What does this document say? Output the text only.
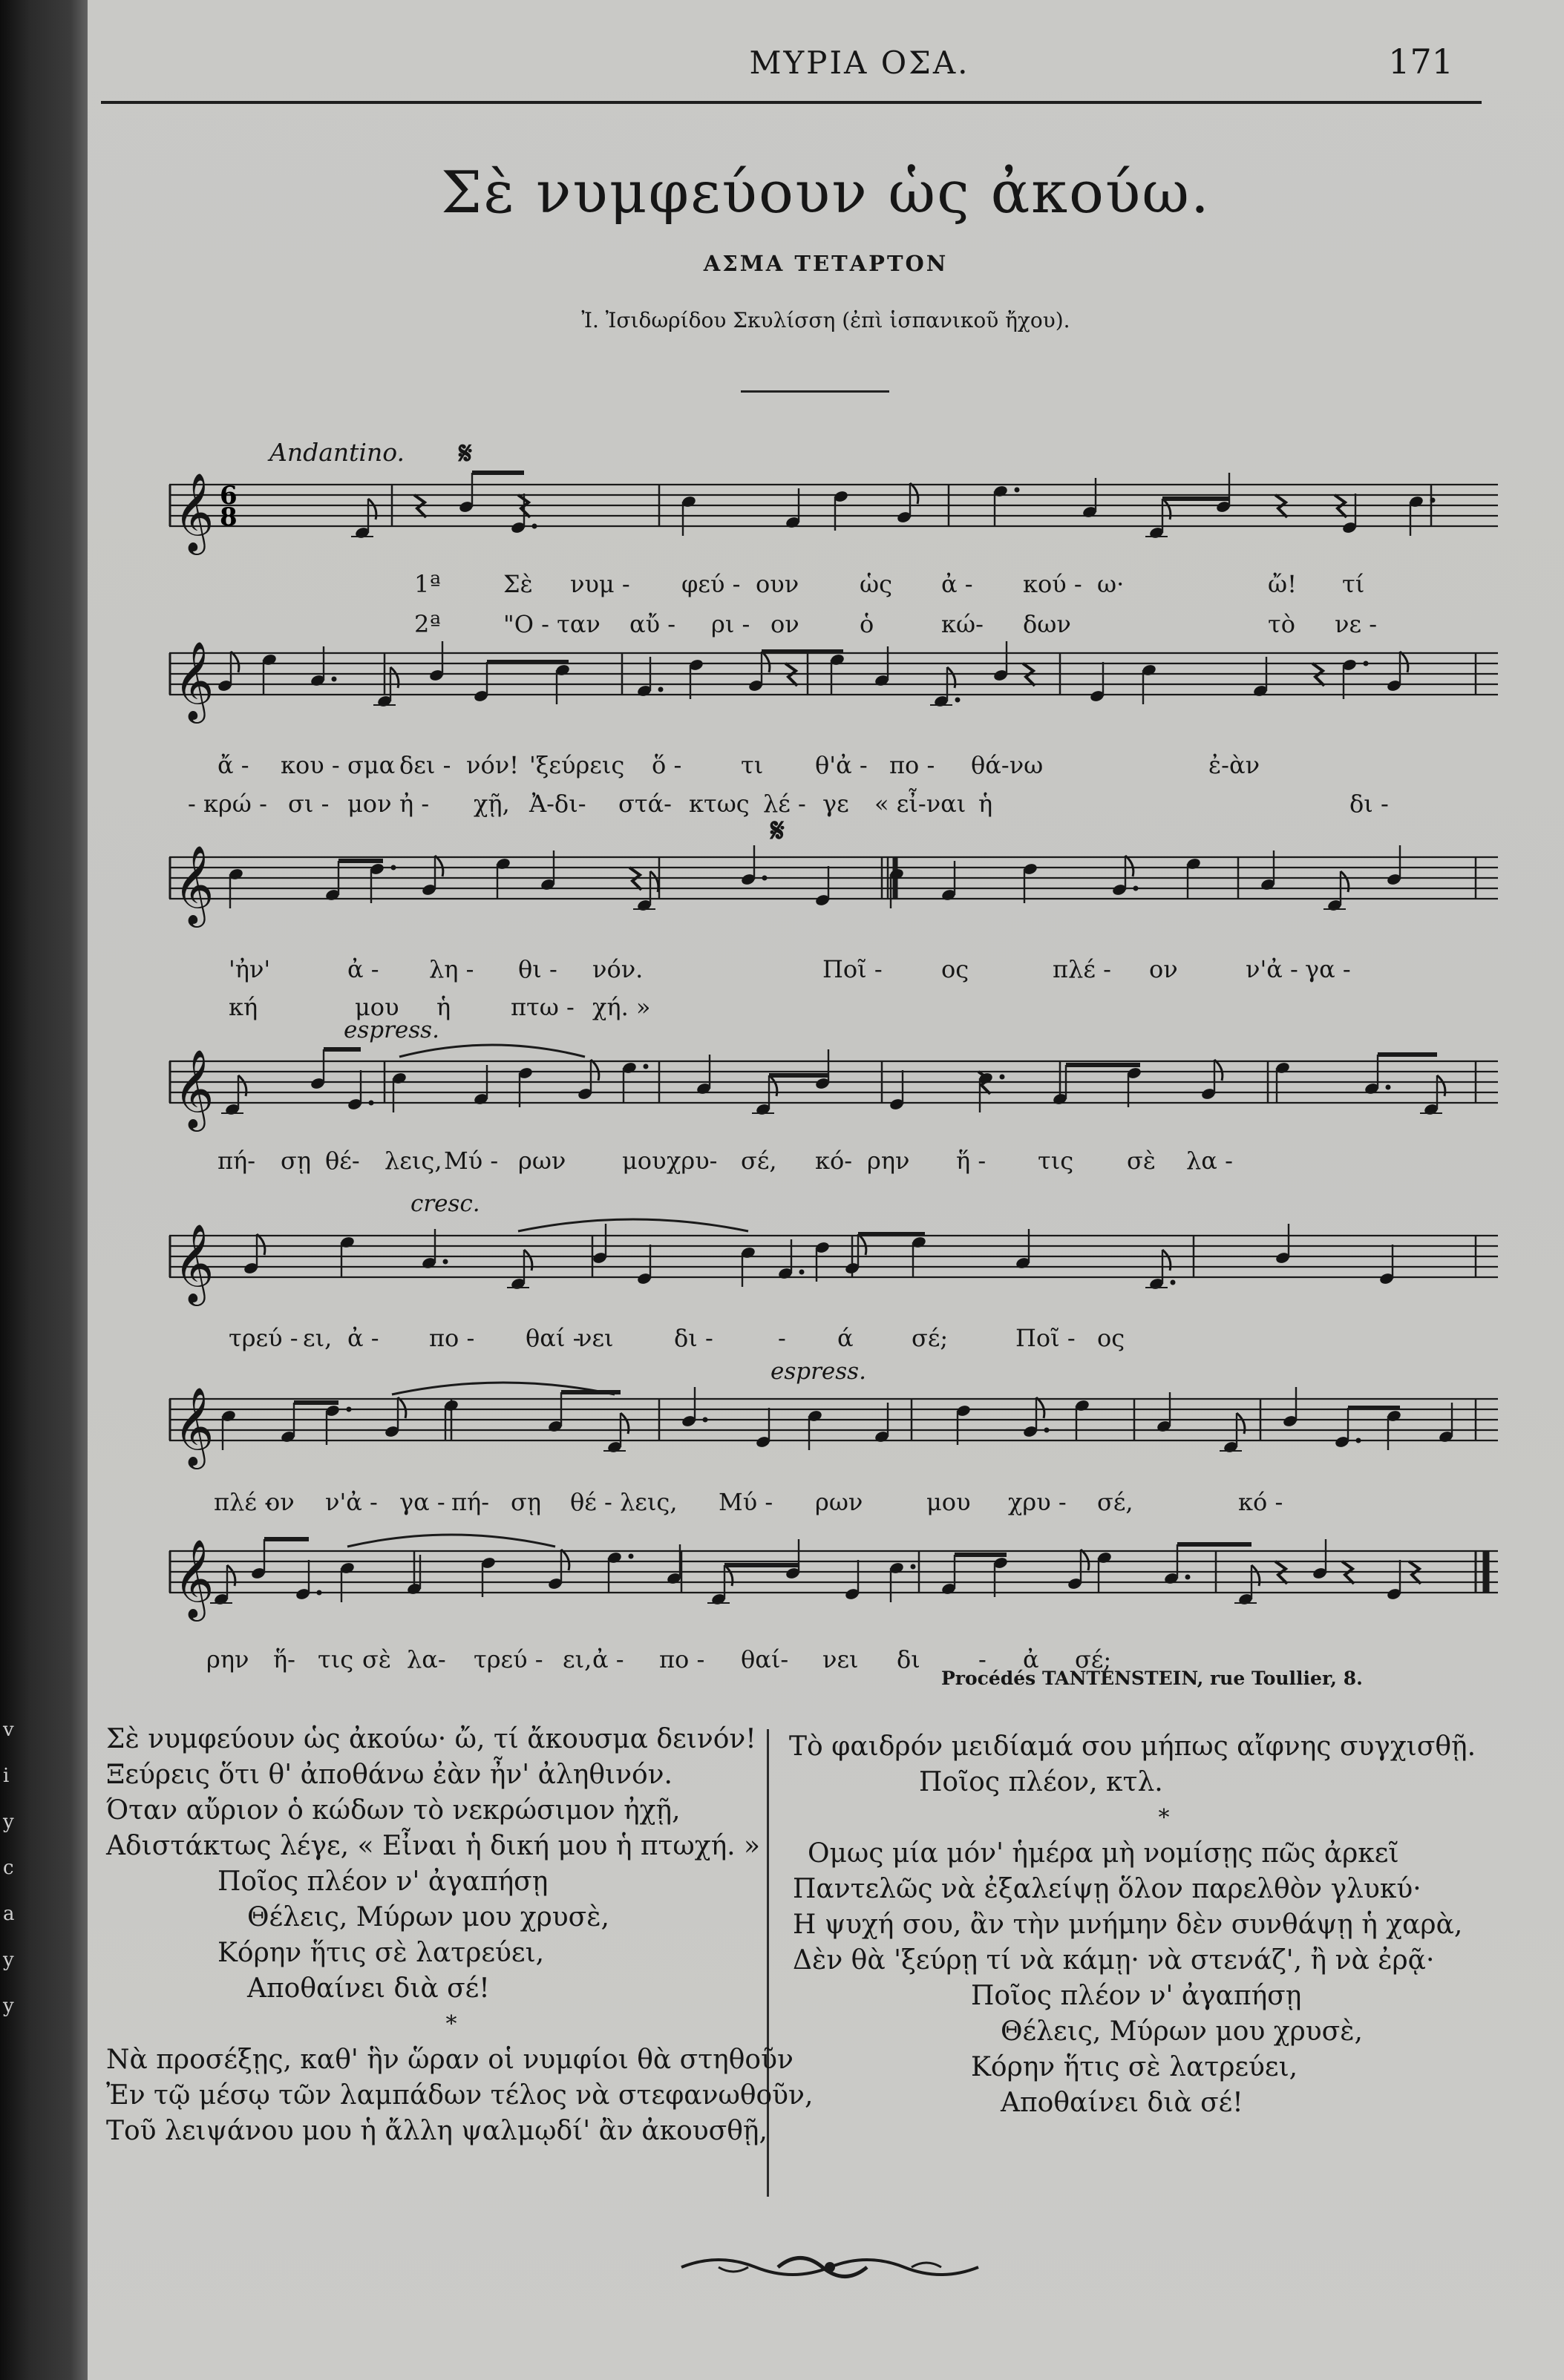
v
i
y
c
a
y
y
ΜΥΡΙΑ ΟΣΑ.	171
Σὲ νυμφεύουν ὡς ἀκούω.
ΑΣΜΑ ΤΕΤΑΡΤΟΝ
Ἰ. Ἰσιδωρίδου Σκυλίσση (ἐπὶ ἱσπανικοῦ ἤχου).
Andantino. 𝄋
𝄋
espress.
cresc.
espress.
1ª
2ª
𝄞 6
8
𝄞
𝄞
𝄞
𝄞
𝄞
𝄞
Σὲ νυμ - φεύ - ουν	ὡς ἀ - κού - ω·	ὤ! τί
"Ο - ταν αὔ - ρι - ον	ὁ	κώ- δων	τὸ νε -
ἄ - κου - σμα δει - νόν! 'ξεύρεις ὅ - τι θ'ἀ - πο - θά-νω	ἐ-ὰν
- κρώ - σι - μον ἠ - χῇ, Ἀ-δι- στά- κτως λέ - γε « εἶ-ναι ἡ	δι -
'ἠν'	ἀ - λη - θι - νόν.	Ποῖ - ος	πλέ - ον	ν'ἀ - γα -
κή	μου ἡ	πτω - χή. »
πή- σῃ θέ- λεις, Μύ - ρων μου χρυ- σέ, κό- ρην ἥ - τις σὲ λα -
τρεύ - ει, ἀ - πο - θαί -
νει	δι -	- ά σέ;	Ποῖ - ος
πλέ -
ον ν'ἀ - γα - πή- σῃ θέ - λεις, Μύ - ρων	μου χρυ - σέ,	κό -
ρην ἥ- τις σὲ λα- τρεύ - ει, ἀ - πο - θαί- νει δι - ἀ σέ;
Procédés TANTENSTEIN, rue Toullier, 8.
Σὲ νυμφεύουν ὡς ἀκούω· ὤ, τί ἄκουσμα δεινόν!
Ξεύρεις ὅτι θ' ἀποθάνω ἐὰν ἦν' ἀληθινόν.
Όταν αὔριον ὁ κώδων τὸ νεκρώσιμον ἠχῇ,
Αδιστάκτως λέγε, « Εἶναι ἡ δική μου ἡ πτωχή. »
Ποῖος πλέον ν' ἀγαπήσῃ
Θέλεις, Μύρων μου χρυσὲ,
Κόρην ἥτις σὲ λατρεύει,
Αποθαίνει διὰ σέ!
*
Νὰ προσέξῃς, καθ' ἣν ὥραν οἱ νυμφίοι θὰ στηθοῦν
Ἐν τῷ μέσῳ τῶν λαμπάδων τέλος νὰ στεφανωθοῦν,
Τοῦ λειψάνου μου ἡ ἄλλη ψαλμῳδί' ἂν ἀκουσθῇ,
Τὸ φαιδρόν μειδίαμά σου μήπως αἴφνης συγχισθῇ.
Ποῖος πλέον, κτλ.
*
Ομως μία μόν' ἡμέρα μὴ νομίσῃς πῶς ἀρκεῖ
Παντελῶς νὰ ἐξαλείψῃ ὅλον παρελθὸν γλυκύ·
Η ψυχή σου, ἂν τὴν μνήμην δὲν συνθάψῃ ἡ χαρὰ,
Δὲν θὰ 'ξεύρῃ τί νὰ κάμῃ· νὰ στενάζ', ἢ νὰ ἐρᾷ·
Ποῖος πλέον ν' ἀγαπήσῃ
Θέλεις, Μύρων μου χρυσὲ,
Κόρην ἥτις σὲ λατρεύει,
Αποθαίνει διὰ σέ!
